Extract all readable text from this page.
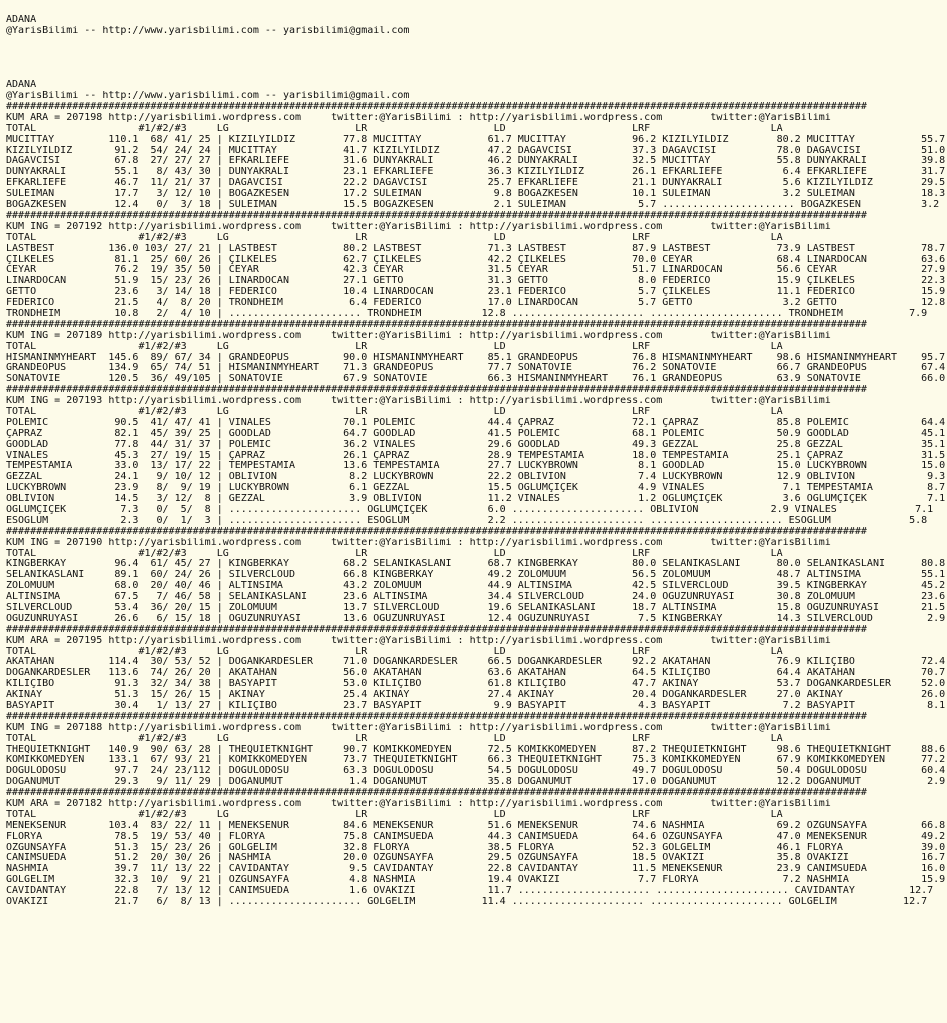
ADANA
@YarisBilimi -- http://www.yarisbilimi.com -- yarisbilimi@gmail.com

ADANA
@YarisBilimi -- http://www.yarisbilimi.com -- yarisbilimi@gmail.com
###############################################################################################################################################
KUM ARA = 207198 http://yarisbilimi.wordpress.com     twitter:@YarisBilimi : http://yarisbilimi.wordpress.com        twitter:@YarisBilimi
TOTAL                 #1/#2/#3     LG                     LR                     LD                     LRF                    LA
MUCITTAY         110.1  68/ 41/ 25 | KIZILYILDIZ        77.8 MUCITTAY           61.7 MUCITTAY           96.2 KIZILYILDIZ        80.2 MUCITTAY           55.7
KIZILYILDIZ       91.2  54/ 24/ 24 | MUCITTAY           41.7 KIZILYILDIZ        47.2 DAGAVCISI          37.3 DAGAVCISI          78.0 DAGAVCISI          51.0
DAGAVCISI         67.8  27/ 27/ 27 | EFKARLIEFE         31.6 DÜNYAKRALI         46.2 DÜNYAKRALI         32.5 MUCITTAY           55.8 DÜNYAKRALI         39.8
DÜNYAKRALI        55.1   8/ 43/ 30 | DÜNYAKRALI         23.1 EFKARLIEFE         36.3 KIZILYILDIZ        26.1 EFKARLIEFE          6.4 EFKARLIEFE         31.7
EFKARLIEFE        46.7  11/ 21/ 37 | DAGAVCISI          22.2 DAGAVCISI          25.7 EFKARLIEFE         21.1 DÜNYAKRALI          5.6 KIZILYILDIZ        29.5
SULEIMAN          17.7   3/ 12/ 10 | BOGAZKESEN         17.2 SULEIMAN            9.8 BOGAZKESEN         10.1 SULEIMAN            3.2 SULEIMAN           18.3
BOGAZKESEN        12.4   0/  3/ 18 | SULEIMAN           15.5 BOGAZKESEN          2.1 SULEIMAN            5.7 ...................... BOGAZKESEN          3.2
###############################################################################################################################################
KUM ING = 207192 http://yarisbilimi.wordpress.com     twitter:@YarisBilimi : http://yarisbilimi.wordpress.com        twitter:@YarisBilimi
TOTAL                 #1/#2/#3     LG                     LR                     LD                     LRF                    LA
LASTBEST         136.0 103/ 27/ 21 | LASTBEST           80.2 LASTBEST           71.3 LASTBEST           87.9 LASTBEST           73.9 LASTBEST           78.7
ÇILKELES          81.1  25/ 60/ 26 | ÇILKELES           62.7 ÇILKELES           42.2 ÇILKELES           70.0 CEYAR              68.4 LINARDOCAN         63.6
CEYAR             76.2  19/ 35/ 50 | CEYAR              42.3 CEYAR              31.5 CEYAR              51.7 LINARDOCAN         56.6 CEYAR              27.9
LINARDOCAN        51.9  15/ 23/ 26 | LINARDOCAN         27.1 GETTO              31.3 GETTO               8.0 FEDERICO           15.9 ÇILKELES           22.3
GETTO             23.6   3/ 14/ 18 | FEDERICO           10.4 LINARDOCAN         23.1 FEDERICO            5.7 ÇILKELES           11.1 FEDERICO           15.9
FEDERICO          21.5   4/  8/ 20 | TRONDHEIM           6.4 FEDERICO           17.0 LINARDOCAN          5.7 GETTO               3.2 GETTO              12.8
TRONDHEIM         10.8   2/  4/ 10 | ...................... TRONDHEIM          12.8 ...................... ...................... TRONDHEIM           7.9
###############################################################################################################################################
KUM ING = 207189 http://yarisbilimi.wordpress.com     twitter:@YarisBilimi : http://yarisbilimi.wordpress.com        twitter:@YarisBilimi
TOTAL                 #1/#2/#3     LG                     LR                     LD                     LRF                    LA
HISMANINMYHEART  145.6  89/ 67/ 34 | GRANDEOPUS         90.0 HISMANINMYHEART    85.1 GRANDEOPUS         76.8 HISMANINMYHEART    98.6 HISMANINMYHEART    95.7
GRANDEOPUS       134.9  65/ 74/ 51 | HISMANINMYHEART    71.3 GRANDEOPUS         77.7 SONATOVIE          76.2 SONATOVIE          66.7 GRANDEOPUS         67.4
SONATOVIE        120.5  36/ 49/105 | SONATOVIE          67.9 SONATOVIE          66.3 HISMANINMYHEART    76.1 GRANDEOPUS         63.9 SONATOVIE          66.0
###############################################################################################################################################
KUM ING = 207193 http://yarisbilimi.wordpress.com     twitter:@YarisBilimi : http://yarisbilimi.wordpress.com        twitter:@YarisBilimi
TOTAL                 #1/#2/#3     LG                     LR                     LD                     LRF                    LA
POLEMIC           90.5  41/ 47/ 41 | VINALES            70.1 POLEMIC            44.4 ÇAPRAZ             72.1 ÇAPRAZ             85.8 POLEMIC            64.4
ÇAPRAZ            82.1  45/ 39/ 25 | GOODLAD            64.7 GOODLAD            41.5 POLEMIC            68.1 POLEMIC            50.9 GOODLAD            45.1
GOODLAD           77.8  44/ 31/ 37 | POLEMIC            36.2 VINALES            29.6 GOODLAD            49.3 GEZZAL             25.8 GEZZAL             35.1
VINALES           45.3  27/ 19/ 15 | ÇAPRAZ             26.1 ÇAPRAZ             28.9 TEMPESTAMIA        18.0 TEMPESTAMIA        25.1 ÇAPRAZ             31.5
TEMPESTAMIA       33.0  13/ 17/ 22 | TEMPESTAMIA        13.6 TEMPESTAMIA        27.7 LUCKYBROWN          8.1 GOODLAD            15.0 LUCKYBROWN         15.0
GEZZAL            24.1   9/ 10/ 12 | OBLIVION            8.2 LUCKYBROWN         22.2 OBLIVION            7.4 LUCKYBROWN         12.9 OBLIVION            9.3
LUCKYBROWN        23.9   8/  9/ 19 | LUCKYBROWN          6.1 GEZZAL             15.5 OGLUMÇIÇEK          4.9 VINALES             7.1 TEMPESTAMIA         8.7
OBLIVION          14.5   3/ 12/  8 | GEZZAL              3.9 OBLIVION           11.2 VINALES             1.2 OGLUMÇIÇEK          3.6 OGLUMÇIÇEK          7.1
OGLUMÇIÇEK         7.3   0/  5/  8 | ...................... OGLUMÇIÇEK          6.0 ...................... OBLIVION            2.9 VINALES             7.1
ESOGLUM            2.3   0/  1/  3 | ...................... ESOGLUM             2.2 ...................... ...................... ESOGLUM             5.8
###############################################################################################################################################
KUM ING = 207190 http://yarisbilimi.wordpress.com     twitter:@YarisBilimi : http://yarisbilimi.wordpress.com        twitter:@YarisBilimi
TOTAL                 #1/#2/#3     LG                     LR                     LD                     LRF                    LA
KINGBERKAY        96.4  61/ 45/ 27 | KINGBERKAY         68.2 SELANIKASLANI      68.7 KINGBERKAY         80.0 SELANIKASLANI      80.0 SELANIKASLANI      80.8
SELANIKASLANI     89.1  60/ 24/ 26 | SILVERCLOUD        66.8 KINGBERKAY         49.2 ZOLOMUUM           56.5 ZOLOMUUM           48.7 ALTINSIMA          55.1
ZOLOMUUM          68.0  20/ 40/ 46 | ALTINSIMA          43.2 ZOLOMUUM           44.9 ALTINSIMA          42.5 SILVERCLOUD        39.5 KINGBERKAY         45.2
ALTINSIMA         67.5   7/ 46/ 58 | SELANIKASLANI      23.6 ALTINSIMA          34.4 SILVERCLOUD        24.0 OGUZUNRÜYASI       30.8 ZOLOMUUM           23.6
SILVERCLOUD       53.4  36/ 20/ 15 | ZOLOMUUM           13.7 SILVERCLOUD        19.6 SELANIKASLANI      18.7 ALTINSIMA          15.8 OGUZUNRÜYASI       21.5
OGUZUNRÜYASI      26.6   6/ 15/ 18 | OGUZUNRÜYASI       13.6 OGUZUNRÜYASI       12.4 OGUZUNRÜYASI        7.5 KINGBERKAY         14.3 SILVERCLOUD         2.9
###############################################################################################################################################
KUM ARA = 207195 http://yarisbilimi.wordpress.com     twitter:@YarisBilimi : http://yarisbilimi.wordpress.com        twitter:@YarisBilimi
TOTAL                 #1/#2/#3     LG                     LR                     LD                     LRF                    LA
AKATAHAN         114.4  30/ 53/ 52 | DOGANKARDESLER     71.0 DOGANKARDESLER     66.5 DOGANKARDESLER     92.2 AKATAHAN           76.9 KILIÇIBO           72.4
DOGANKARDESLER   113.6  74/ 26/ 20 | AKATAHAN           56.0 AKATAHAN           63.6 AKATAHAN           64.5 KILIÇIBO           64.4 AKATAHAN           70.7
KILIÇIBO          91.3  32/ 34/ 38 | BASYAPIT           53.0 KILIÇIBO           61.8 KILIÇIBO           47.7 AKINAY             53.7 DOGANKARDESLER     52.0
AKINAY            51.3  15/ 26/ 15 | AKINAY             25.4 AKINAY             27.4 AKINAY             20.4 DOGANKARDESLER     27.0 AKINAY             26.0
BASYAPIT          30.4   1/ 13/ 27 | KILIÇIBO           23.7 BASYAPIT            9.9 BASYAPIT            4.3 BASYAPIT            7.2 BASYAPIT            8.1
###############################################################################################################################################
KUM ING = 207188 http://yarisbilimi.wordpress.com     twitter:@YarisBilimi : http://yarisbilimi.wordpress.com        twitter:@YarisBilimi
TOTAL                 #1/#2/#3     LG                     LR                     LD                     LRF                    LA
THEQUIETKNIGHT   140.9  90/ 63/ 28 | THEQUIETKNIGHT     90.7 KOMIKKOMEDYEN      72.5 KOMIKKOMEDYEN      87.2 THEQUIETKNIGHT     98.6 THEQUIETKNIGHT     88.6
KOMIKKOMEDYEN    133.1  67/ 93/ 21 | KOMIKKOMEDYEN      73.7 THEQUIETKNIGHT     66.3 THEQUIETKNIGHT     75.3 KOMIKKOMEDYEN      67.9 KOMIKKOMEDYEN      77.2
DOGULODOSU        97.7  24/ 23/112 | DOGULODOSU         63.3 DOGULODOSU         54.5 DOGULODOSU         49.7 DOGULODOSU         50.4 DOGULODOSU         60.4
DOGANUMUT         29.3   9/ 11/ 29 | DOGANUMUT           1.4 DOGANUMUT          35.8 DOGANUMUT          17.0 DOGANUMUT          12.2 DOGANUMUT           2.9
###############################################################################################################################################
KUM ARA = 207182 http://yarisbilimi.wordpress.com     twitter:@YarisBilimi : http://yarisbilimi.wordpress.com        twitter:@YarisBilimi
TOTAL                 #1/#2/#3     LG                     LR                     LD                     LRF                    LA
MENEKSENUR       103.4  83/ 22/ 11 | MENEKSENUR         84.6 MENEKSENUR         51.6 MENEKSENUR         74.6 NASHMIA            69.2 ÖZGÜNSAYFA         66.8
FLORYA            78.5  19/ 53/ 40 | FLORYA             75.8 CANIMSUEDA         44.3 CANIMSUEDA         64.6 ÖZGÜNSAYFA         47.0 MENEKSENUR         49.2
ÖZGÜNSAYFA        51.3  15/ 23/ 26 | GÖLGELIM           32.8 FLORYA             38.5 FLORYA             52.3 GÖLGELIM           46.1 FLORYA             39.0
CANIMSUEDA        51.2  20/ 30/ 26 | NASHMIA            20.0 ÖZGÜNSAYFA         29.5 ÖZGÜNSAYFA         18.5 OVAKIZI            35.8 OVAKIZI            16.7
NASHMIA           39.7  11/ 13/ 22 | CAVIDANTAY          9.5 CAVIDANTAY         22.8 CAVIDANTAY         11.5 MENEKSENUR         23.9 CANIMSUEDA         16.0
GÖLGELIM          32.3  10/  9/ 21 | ÖZGÜNSAYFA          4.8 NASHMIA            19.4 OVAKIZI             7.7 FLORYA              7.2 NASHMIA            15.9
CAVIDANTAY        22.8   7/ 13/ 12 | CANIMSUEDA          1.6 OVAKIZI            11.7 ...................... ...................... CAVIDANTAY         12.7
OVAKIZI           21.7   6/  8/ 13 | ...................... GÖLGELIM           11.4 ...................... ...................... GÖLGELIM           12.7
